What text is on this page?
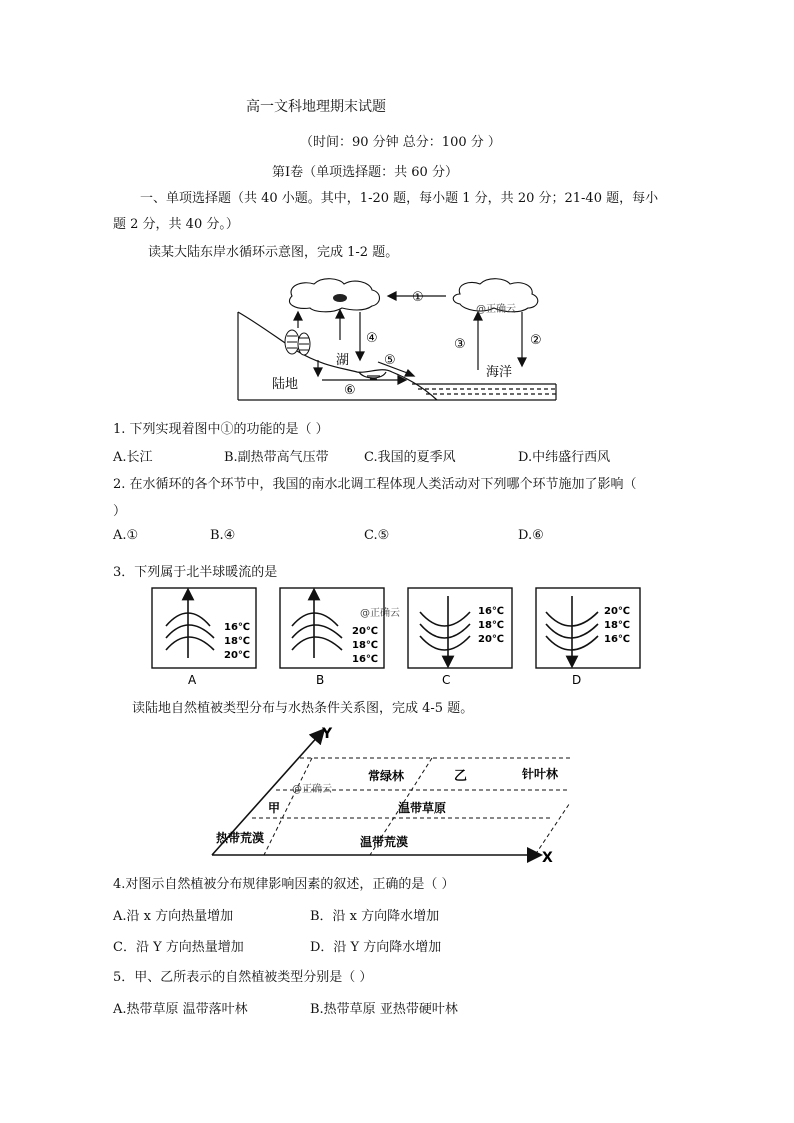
高一文科地理期末试题
（时间：90 分钟 总分：100 分 ）
第Ⅰ卷（单项选择题：共 60 分）
一、单项选择题（共 40 小题。其中，1-20 题，每小题 1 分，共 20 分；21-40 题，每小
题 2 分，共 40 分。）
读某大陆东岸水循环示意图，完成 1-2 题。
①
②
③
④
⑤
⑥
湖
陆地
海洋
@正确云
1. 下列实现着图中①的功能的是（ ）
A.长江	B.副热带高气压带	C.我国的夏季风	D.中纬盛行西风
2. 在水循环的各个环节中，我国的南水北调工程体现人类活动对下列哪个环节施加了影响（
）
A.①	B.④	C.⑤	D.⑥
3．下列属于北半球暖流的是
16℃
18℃
20℃
A
20℃
18℃
16℃
B
@正确云	16℃
18℃
20℃
C
20℃
18℃
16℃
D
读陆地自然植被类型分布与水热条件关系图，完成 4-5 题。
Y
X
常绿林	乙	针叶林
甲	温带草原
热带荒漠	温带荒漠
@正确云
4.对图示自然植被分布规律影响因素的叙述，正确的是（ ）
A.沿 x 方向热量增加	B．沿 x 方向降水增加
C．沿 Y 方向热量增加	D．沿 Y 方向降水增加
5．甲、乙所表示的自然植被类型分别是（ ）
A.热带草原 温带落叶林	B.热带草原 亚热带硬叶林
